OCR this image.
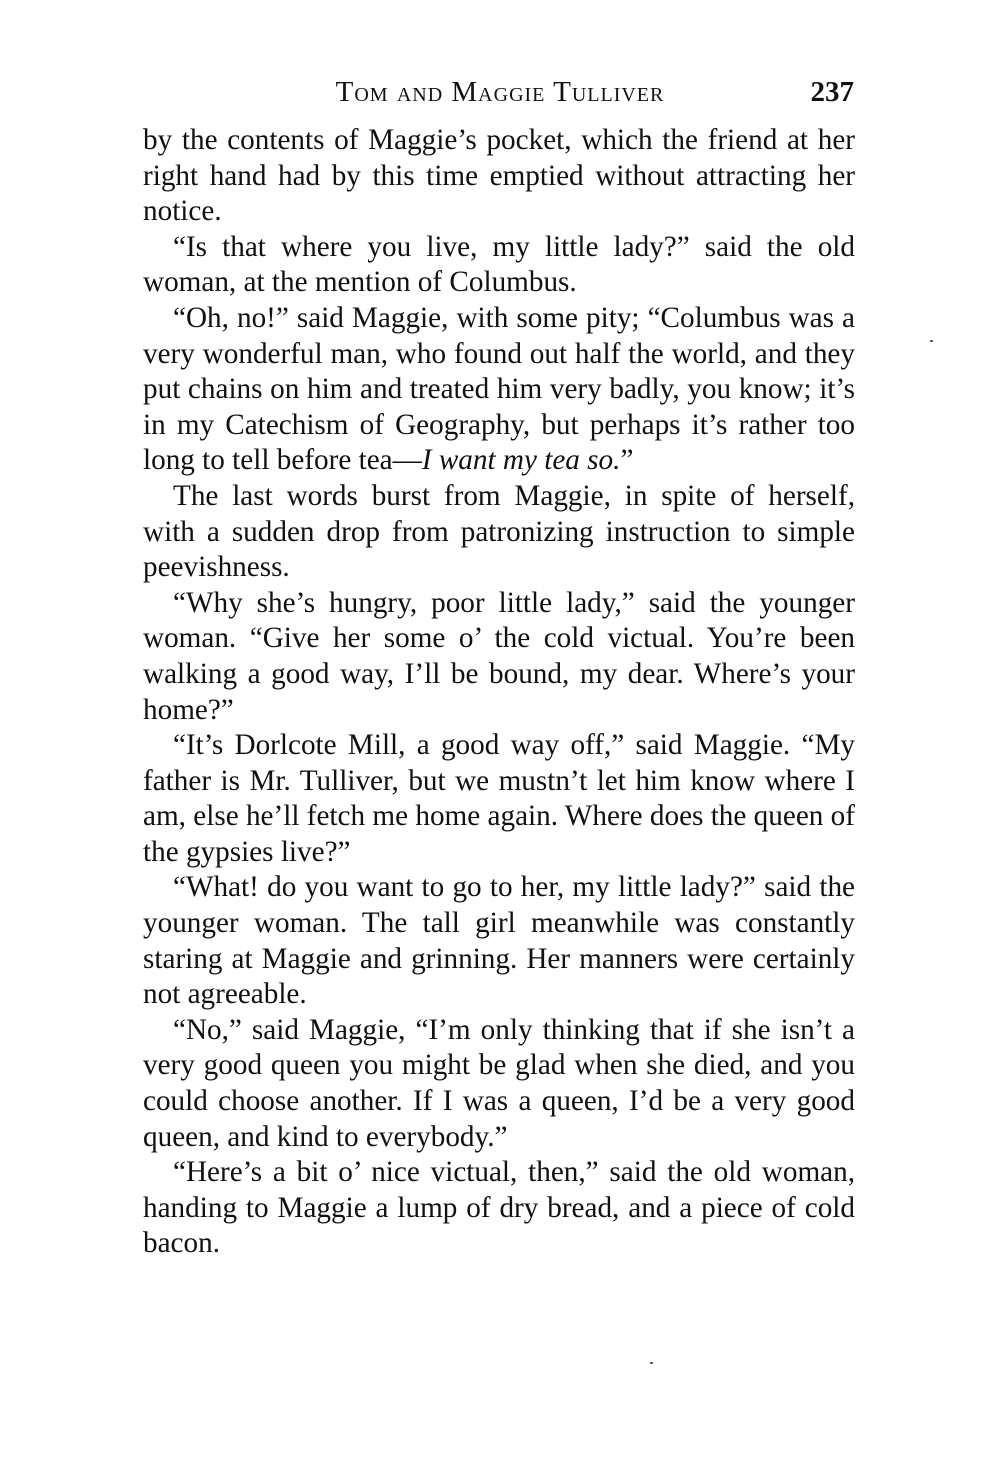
Tom and Maggie Tulliver	237

by the contents of Maggie’s pocket, which the friend at her right hand had by this time emptied without attracting her notice.

“Is that where you live, my little lady?” said the old woman, at the mention of Columbus.

“Oh, no!” said Maggie, with some pity; “Columbus was a very wonderful man, who found out half the world, and they put chains on him and treated him very badly, you know; it’s in my Catechism of Geography, but perhaps it’s rather too long to tell before tea—I want my tea so.”

The last words burst from Maggie, in spite of herself, with a sudden drop from patronizing instruction to simple peevishness.

“Why she’s hungry, poor little lady,” said the younger woman. “Give her some o’ the cold victual. You’re been walking a good way, I’ll be bound, my dear. Where’s your home?”

“It’s Dorlcote Mill, a good way off,” said Maggie. “My father is Mr. Tulliver, but we mustn’t let him know where I am, else he’ll fetch me home again. Where does the queen of the gypsies live?”

“What! do you want to go to her, my little lady?” said the younger woman. The tall girl meanwhile was constantly staring at Maggie and grinning. Her manners were certainly not agreeable.

“No,” said Maggie, “I’m only thinking that if she isn’t a very good queen you might be glad when she died, and you could choose another. If I was a queen, I’d be a very good queen, and kind to everybody.”

“Here’s a bit o’ nice victual, then,” said the old woman, handing to Maggie a lump of dry bread, and a piece of cold bacon.
